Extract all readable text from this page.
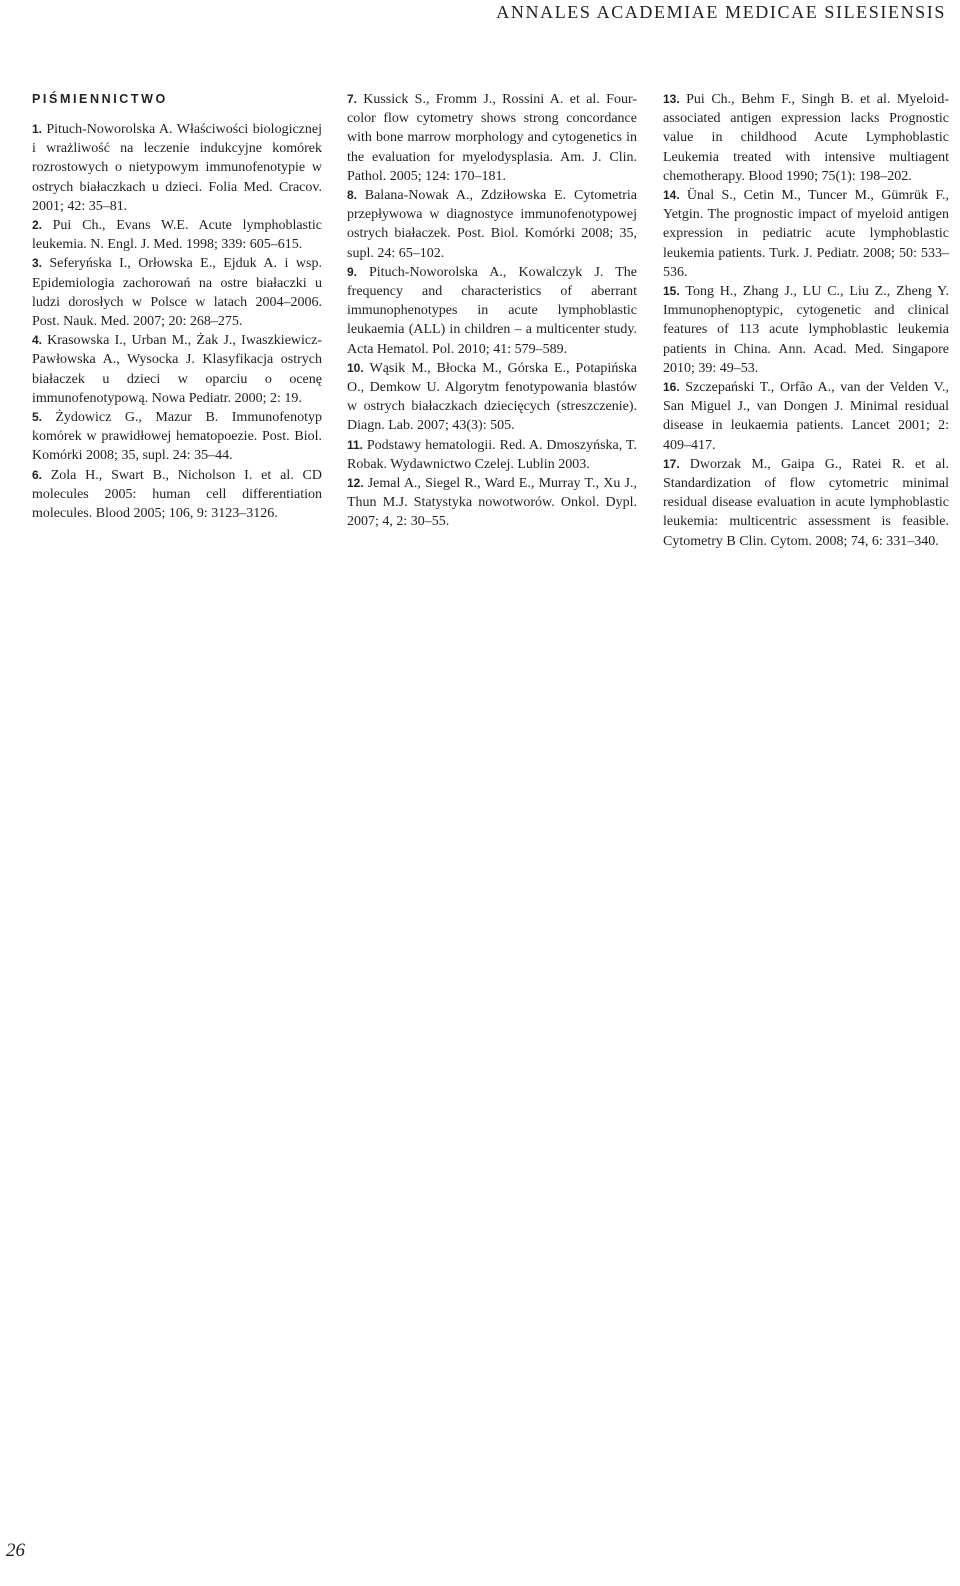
ANNALES ACADEMIAE MEDICAE SILESIENSIS
PIŚMIENNICTWO
1. Pituch-Noworolska A. Właściwości biologicznej i wrażliwość na leczenie indukcyjne komórek rozrostowych o nietypowym immunofenotypie w ostrych białaczkach u dzieci. Folia Med. Cracov. 2001; 42: 35–81.
2. Pui Ch., Evans W.E. Acute lymphoblastic leukemia. N. Engl. J. Med. 1998; 339: 605–615.
3. Seferyńska I., Orłowska E., Ejduk A. i wsp. Epidemiologia zachorowań na ostre białaczki u ludzi dorosłych w Polsce w latach 2004–2006. Post. Nauk. Med. 2007; 20: 268–275.
4. Krasowska I., Urban M., Żak J., Iwaszkiewicz-Pawłowska A., Wysocka J. Klasyfikacja ostrych białaczek u dzieci w oparciu o ocenę immunofenotypową. Nowa Pediatr. 2000; 2: 19.
5. Żydowicz G., Mazur B. Immunofenotyp komórek w prawidłowej hematopoezie. Post. Biol. Komórki 2008; 35, supl. 24: 35–44.
6. Zola H., Swart B., Nicholson I. et al. CD molecules 2005: human cell differentiation molecules. Blood 2005; 106, 9: 3123–3126.
7. Kussick S., Fromm J., Rossini A. et al. Four-color flow cytometry shows strong concordance with bone marrow morphology and cytogenetics in the evaluation for myelodysplasia. Am. J. Clin. Pathol. 2005; 124: 170–181.
8. Balana-Nowak A., Zdziłowska E. Cytometria przepływowa w diagnostyce immunofenotypowej ostrych białaczek. Post. Biol. Komórki 2008; 35, supl. 24: 65–102.
9. Pituch-Noworolska A., Kowalczyk J. The frequency and characteristics of aberrant immunophenotypes in acute lymphoblastic leukaemia (ALL) in children – a multicenter study. Acta Hematol. Pol. 2010; 41: 579–589.
10. Wąsik M., Błocka M., Górska E., Potapińska O., Demkow U. Algorytm fenotypowania blastów w ostrych białaczkach dziecięcych (streszczenie). Diagn. Lab. 2007; 43(3): 505.
11. Podstawy hematologii. Red. A. Dmoszyńska, T. Robak. Wydawnictwo Czelej. Lublin 2003.
12. Jemal A., Siegel R., Ward E., Murray T., Xu J., Thun M.J. Statystyka nowotworów. Onkol. Dypl. 2007; 4, 2: 30–55.
13. Pui Ch., Behm F., Singh B. et al. Myeloid-associated antigen expression lacks Prognostic value in childhood Acute Lymphoblastic Leukemia treated with intensive multiagent chemotherapy. Blood 1990; 75(1): 198–202.
14. Ünal S., Cetin M., Tuncer M., Gümrük F., Yetgin. The prognostic impact of myeloid antigen expression in pediatric acute lymphoblastic leukemia patients. Turk. J. Pediatr. 2008; 50: 533–536.
15. Tong H., Zhang J., LU C., Liu Z., Zheng Y. Immunophenoptypic, cytogenetic and clinical features of 113 acute lymphoblastic leukemia patients in China. Ann. Acad. Med. Singapore 2010; 39: 49–53.
16. Szczepański T., Orfão A., van der Velden V., San Miguel J., van Dongen J. Minimal residual disease in leukaemia patients. Lancet 2001; 2: 409–417.
17. Dworzak M., Gaipa G., Ratei R. et al. Standardization of flow cytometric minimal residual disease evaluation in acute lymphoblastic leukemia: multicentric assessment is feasible. Cytometry B Clin. Cytom. 2008; 74, 6: 331–340.
26
